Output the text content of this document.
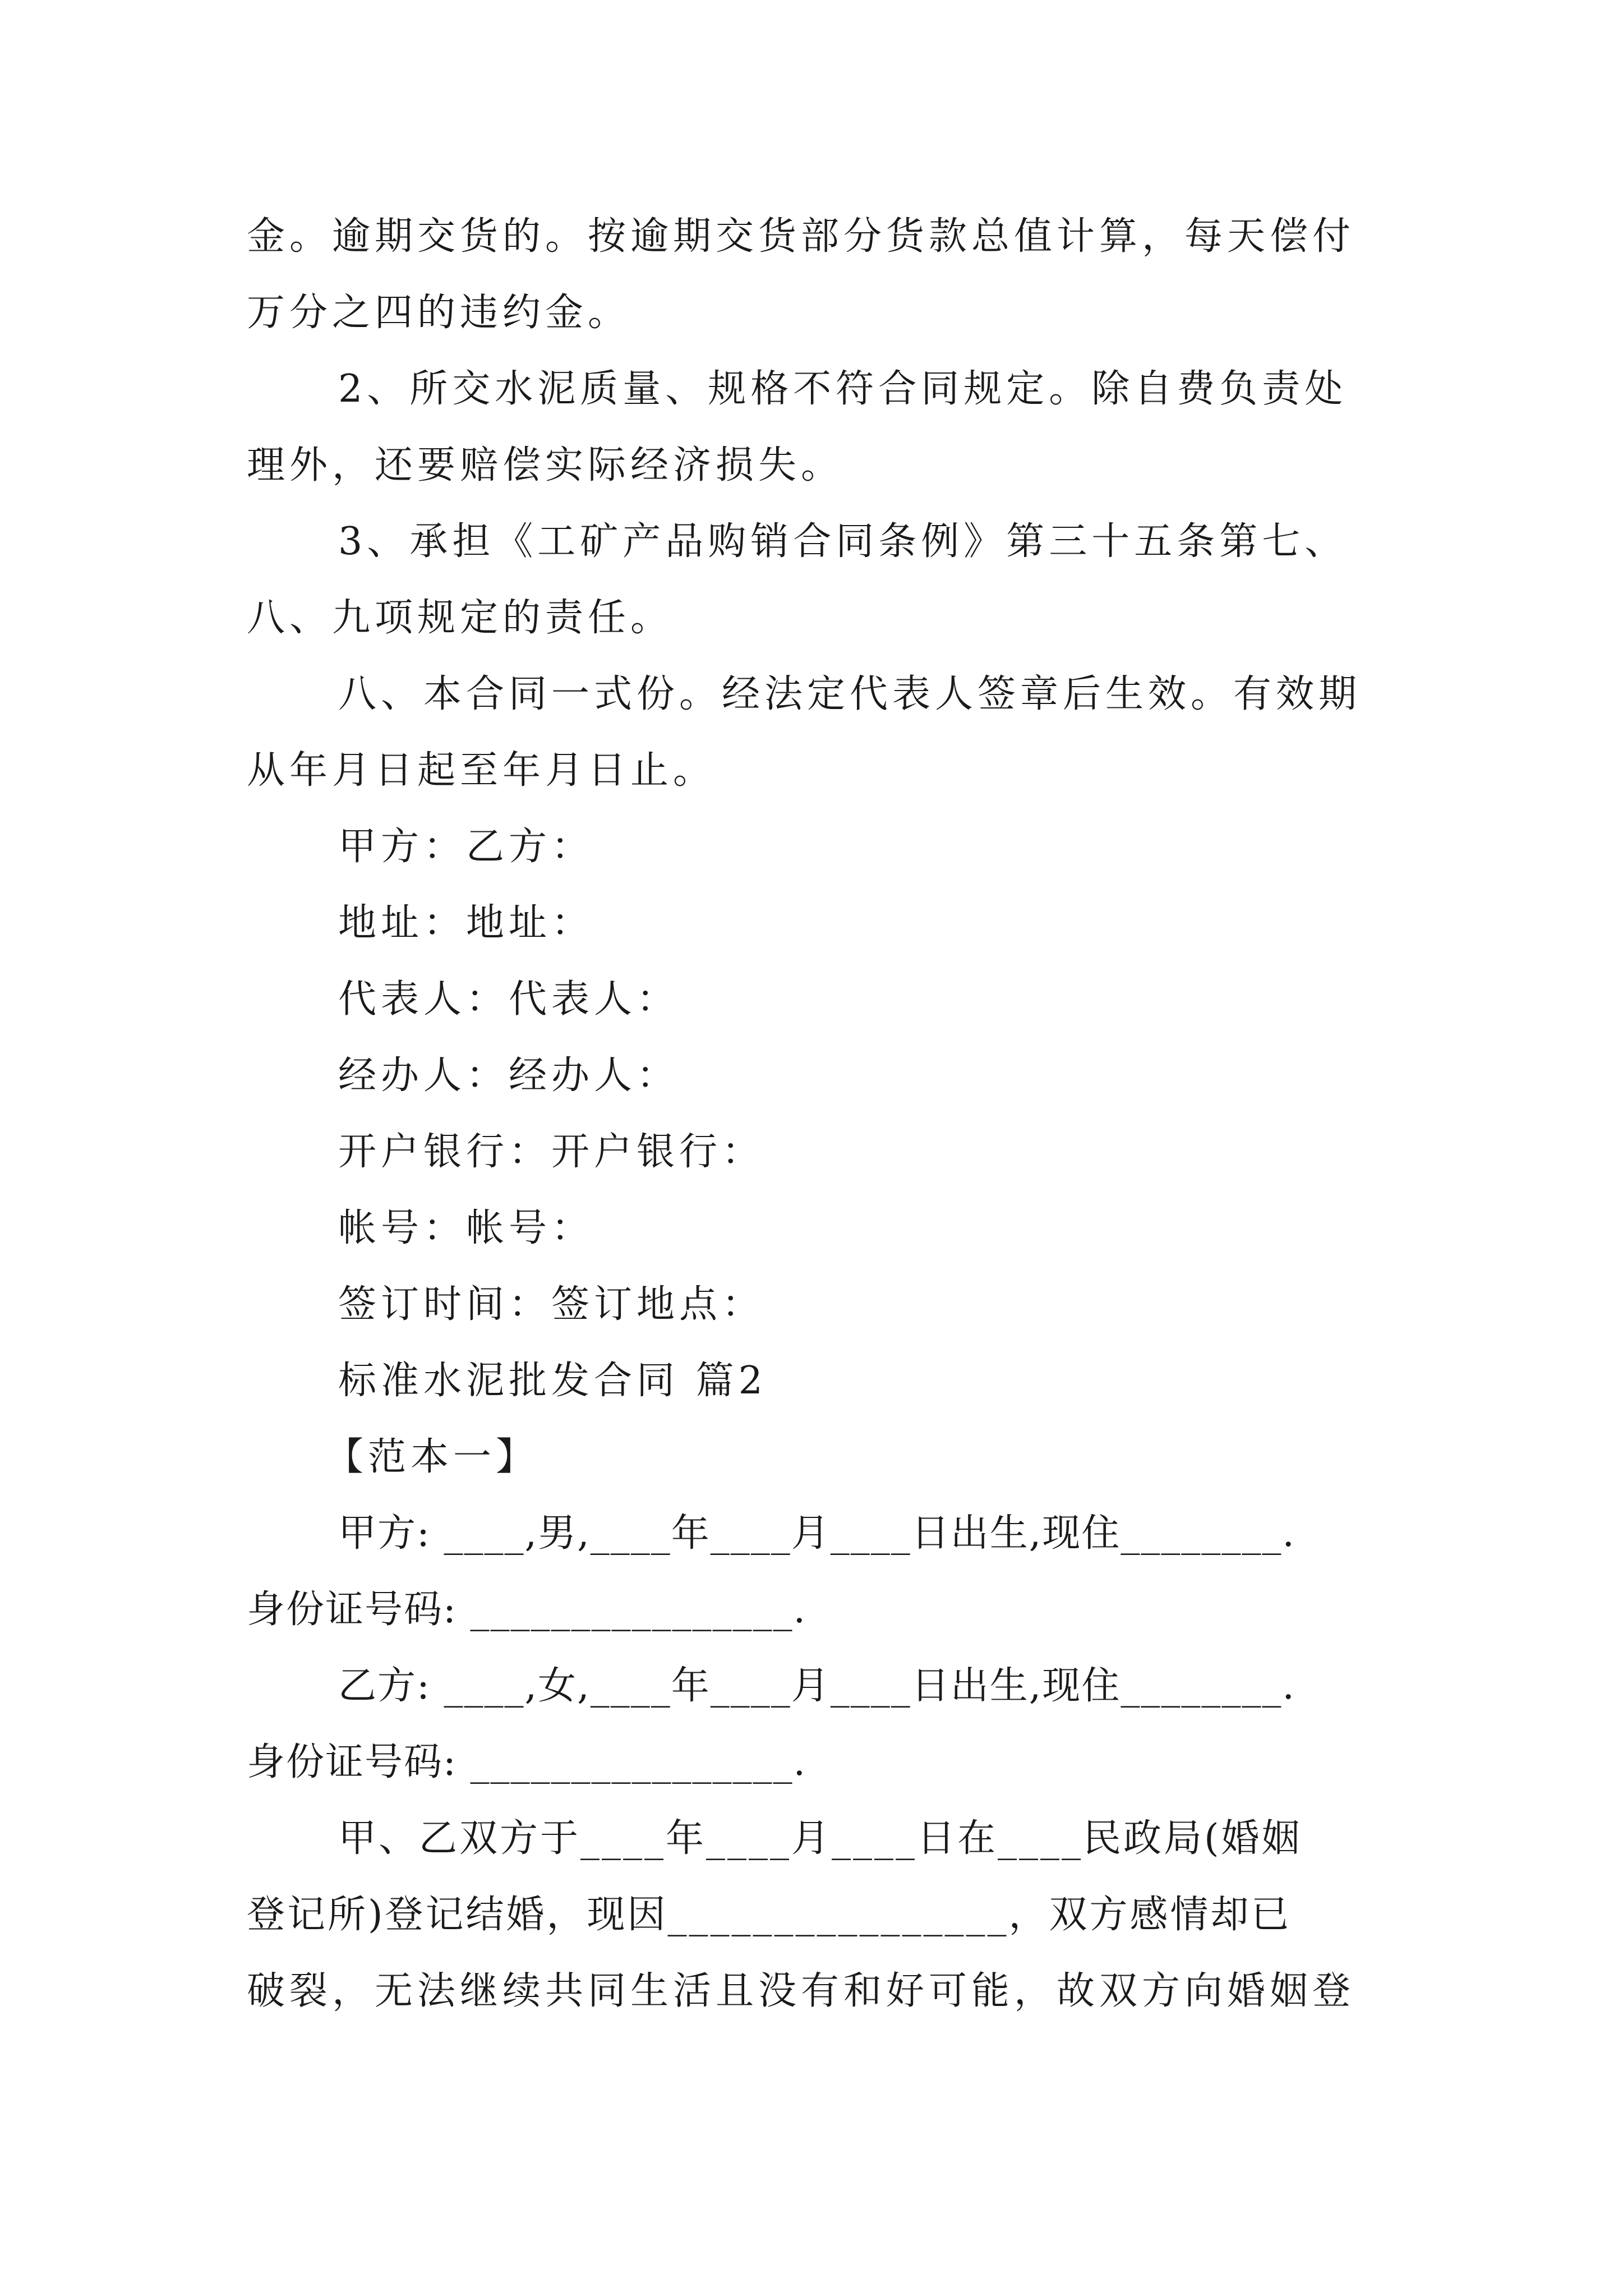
金。逾期交货的。按逾期交货部分货款总值计算，每天偿付
万分之四的违约金。
2、所交水泥质量、规格不符合同规定。除自费负责处
理外，还要赔偿实际经济损失。
3、承担《工矿产品购销合同条例》第三十五条第七、
八、九项规定的责任。
八、本合同一式份。经法定代表人签章后生效。有效期
从年月日起至年月日止。
甲方：乙方：
地址：地址：
代表人：代表人：
经办人：经办人：
开户银行：开户银行：
帐号：帐号：
签订时间：签订地点：
标准水泥批发合同 篇2
【范本一】
甲方: ____,男,____年____月____日出生,现住________.
身份证号码: ________________.
乙方: ____,女,____年____月____日出生,现住________.
身份证号码: ________________.
甲、乙双方于____年____月____日在____民政局(婚姻
登记所)登记结婚，现因________________，双方感情却已
破裂，无法继续共同生活且没有和好可能，故双方向婚姻登
